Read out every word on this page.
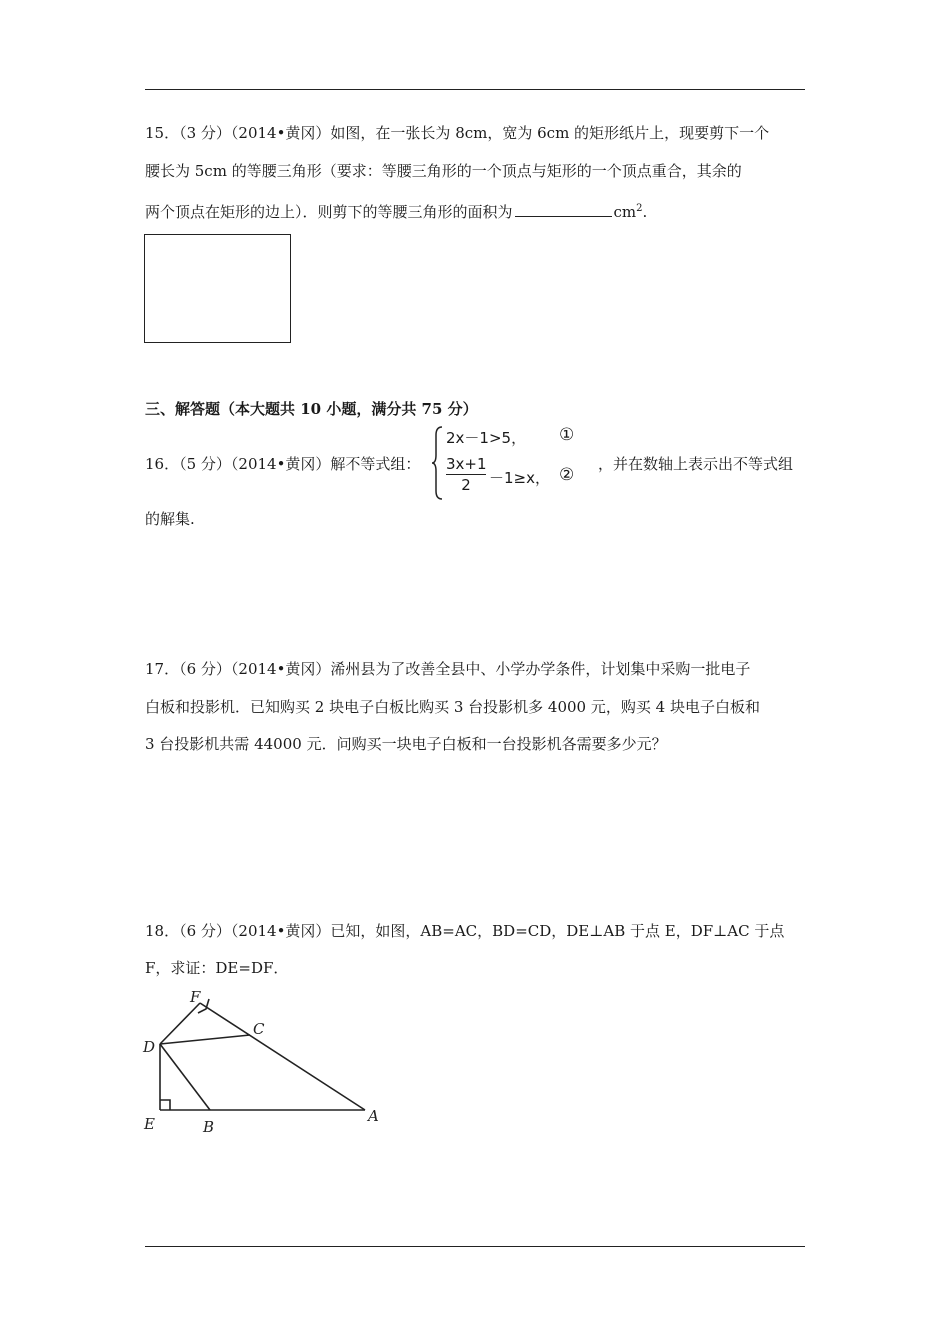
15．（3 分）（2014•黄冈）如图，在一张长为 8cm，宽为 6cm 的矩形纸片上，现要剪下一个
腰长为 5cm 的等腰三角形（要求：等腰三角形的一个顶点与矩形的一个顶点重合，其余的
两个顶点在矩形的边上）．则剪下的等腰三角形的面积为	$cm^2$.
三、解答题（本大题共 10 小题，满分共 75 分）
16．（5 分）（2014•黄冈）解不等式组：
2x－1>5， ①
3x+1
2	－1≥x， ②
，并在数轴上表示出不等式组
的解集.
17．（6 分）（2014•黄冈）浠州县为了改善全县中、小学办学条件，计划集中采购一批电子
白板和投影机．已知购买 2 块电子白板比购买 3 台投影机多 4000 元，购买 4 块电子白板和
3 台投影机共需 44000 元．问购买一块电子白板和一台投影机各需要多少元？
18．（6 分）（2014•黄冈）已知，如图，AB=AC，BD=CD，DE⊥AB 于点 E，DF⊥AC 于点
F，求证：DE=DF．
F
C
D
E	B
A
